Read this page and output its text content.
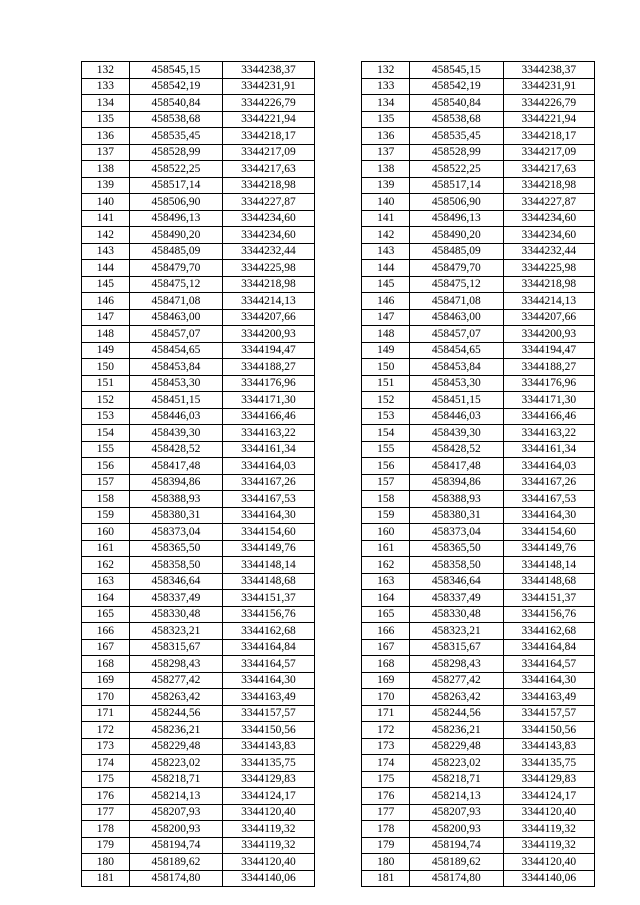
132	458545,15	3344238,37		132	458545,15	3344238,37
133	458542,19	3344231,91		133	458542,19	3344231,91
134	458540,84	3344226,79		134	458540,84	3344226,79
135	458538,68	3344221,94		135	458538,68	3344221,94
136	458535,45	3344218,17		136	458535,45	3344218,17
137	458528,99	3344217,09		137	458528,99	3344217,09
138	458522,25	3344217,63		138	458522,25	3344217,63
139	458517,14	3344218,98		139	458517,14	3344218,98
140	458506,90	3344227,87		140	458506,90	3344227,87
141	458496,13	3344234,60		141	458496,13	3344234,60
142	458490,20	3344234,60		142	458490,20	3344234,60
143	458485,09	3344232,44		143	458485,09	3344232,44
144	458479,70	3344225,98		144	458479,70	3344225,98
145	458475,12	3344218,98		145	458475,12	3344218,98
146	458471,08	3344214,13		146	458471,08	3344214,13
147	458463,00	3344207,66		147	458463,00	3344207,66
148	458457,07	3344200,93		148	458457,07	3344200,93
149	458454,65	3344194,47		149	458454,65	3344194,47
150	458453,84	3344188,27		150	458453,84	3344188,27
151	458453,30	3344176,96		151	458453,30	3344176,96
152	458451,15	3344171,30		152	458451,15	3344171,30
153	458446,03	3344166,46		153	458446,03	3344166,46
154	458439,30	3344163,22		154	458439,30	3344163,22
155	458428,52	3344161,34		155	458428,52	3344161,34
156	458417,48	3344164,03		156	458417,48	3344164,03
157	458394,86	3344167,26		157	458394,86	3344167,26
158	458388,93	3344167,53		158	458388,93	3344167,53
159	458380,31	3344164,30		159	458380,31	3344164,30
160	458373,04	3344154,60		160	458373,04	3344154,60
161	458365,50	3344149,76		161	458365,50	3344149,76
162	458358,50	3344148,14		162	458358,50	3344148,14
163	458346,64	3344148,68		163	458346,64	3344148,68
164	458337,49	3344151,37		164	458337,49	3344151,37
165	458330,48	3344156,76		165	458330,48	3344156,76
166	458323,21	3344162,68		166	458323,21	3344162,68
167	458315,67	3344164,84		167	458315,67	3344164,84
168	458298,43	3344164,57		168	458298,43	3344164,57
169	458277,42	3344164,30		169	458277,42	3344164,30
170	458263,42	3344163,49		170	458263,42	3344163,49
171	458244,56	3344157,57		171	458244,56	3344157,57
172	458236,21	3344150,56		172	458236,21	3344150,56
173	458229,48	3344143,83		173	458229,48	3344143,83
174	458223,02	3344135,75		174	458223,02	3344135,75
175	458218,71	3344129,83		175	458218,71	3344129,83
176	458214,13	3344124,17		176	458214,13	3344124,17
177	458207,93	3344120,40		177	458207,93	3344120,40
178	458200,93	3344119,32		178	458200,93	3344119,32
179	458194,74	3344119,32		179	458194,74	3344119,32
180	458189,62	3344120,40		180	458189,62	3344120,40
181	458174,80	3344140,06		181	458174,80	3344140,06
